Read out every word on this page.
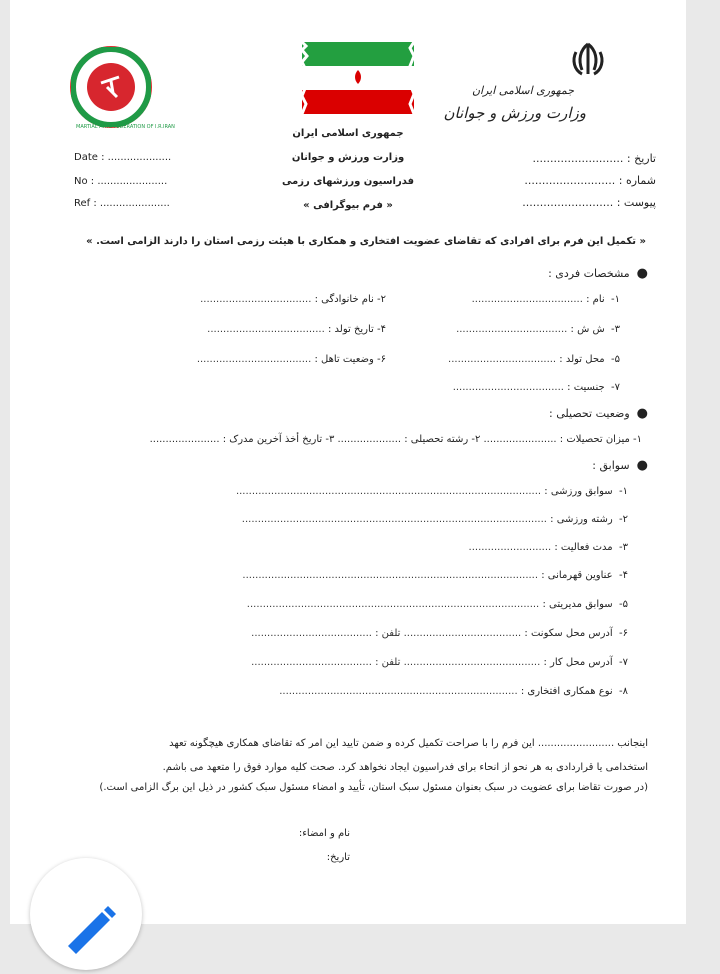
جمهوری اسلامی ایران
وزارت ورزش و جوانان
جمهوری اسلامی ایران
وزارت ورزش و جوانان
فدراسیون ورزشهای رزمی
« فرم بیوگرافی »
MARTIAL ARTS FEDERATION OF I.R.IRAN
Date : ....................
No : ......................
Ref : ......................
تاریخ : ..........................
شماره : ..........................
پیوست : ..........................
« تکمیل این فرم برای افرادی که تقاضای عضویت افتخاری و همکاری با هیئت رزمی استان را دارند الزامی است. »
●  مشخصات فردی :
۱-  نام : ...................................
۲- نام خانوادگی : ...................................
۳-  ش ش : ...................................
۴- تاریخ تولد : .....................................
۵-  محل تولد : ..................................
۶- وضعیت تاهل : ....................................
۷-  جنسیت : ...................................
●  وضعیت تحصیلی :
۱- میزان تحصیلات : ....................... ۲- رشته تحصیلی : .................... ۳- تاریخ أخذ آخرین مدرک : ......................
●  سوابق :
۱-  سوابق ورزشی : ................................................................................................
۲-  رشته ورزشی : ................................................................................................
۳-  مدت فعالیت : ..........................
۴-  عناوین قهرمانی : .............................................................................................
۵-  سوابق مدیریتی : ............................................................................................
۶-  آدرس محل سکونت : ..................................... تلفن : ......................................
۷-  آدرس محل کار : ........................................... تلفن : ......................................
۸-  نوع همکاری افتخاری : ...........................................................................
اینجانب ........................ این فرم را با صراحت تکمیل کرده و ضمن تایید این امر که تقاضای همکاری هیچگونه تعهد
استخدامی یا قراردادی به هر نحو از انحاء برای فدراسیون ایجاد نخواهد کرد. صحت کلیه موارد فوق را متعهد می باشم.
(در صورت تقاضا برای عضویت در سبک بعنوان مسئول سبک استان، تأیید و امضاء مسئول سبک کشور در ذیل این برگ الزامی است.)
نام و امضاء:
تاریخ:
